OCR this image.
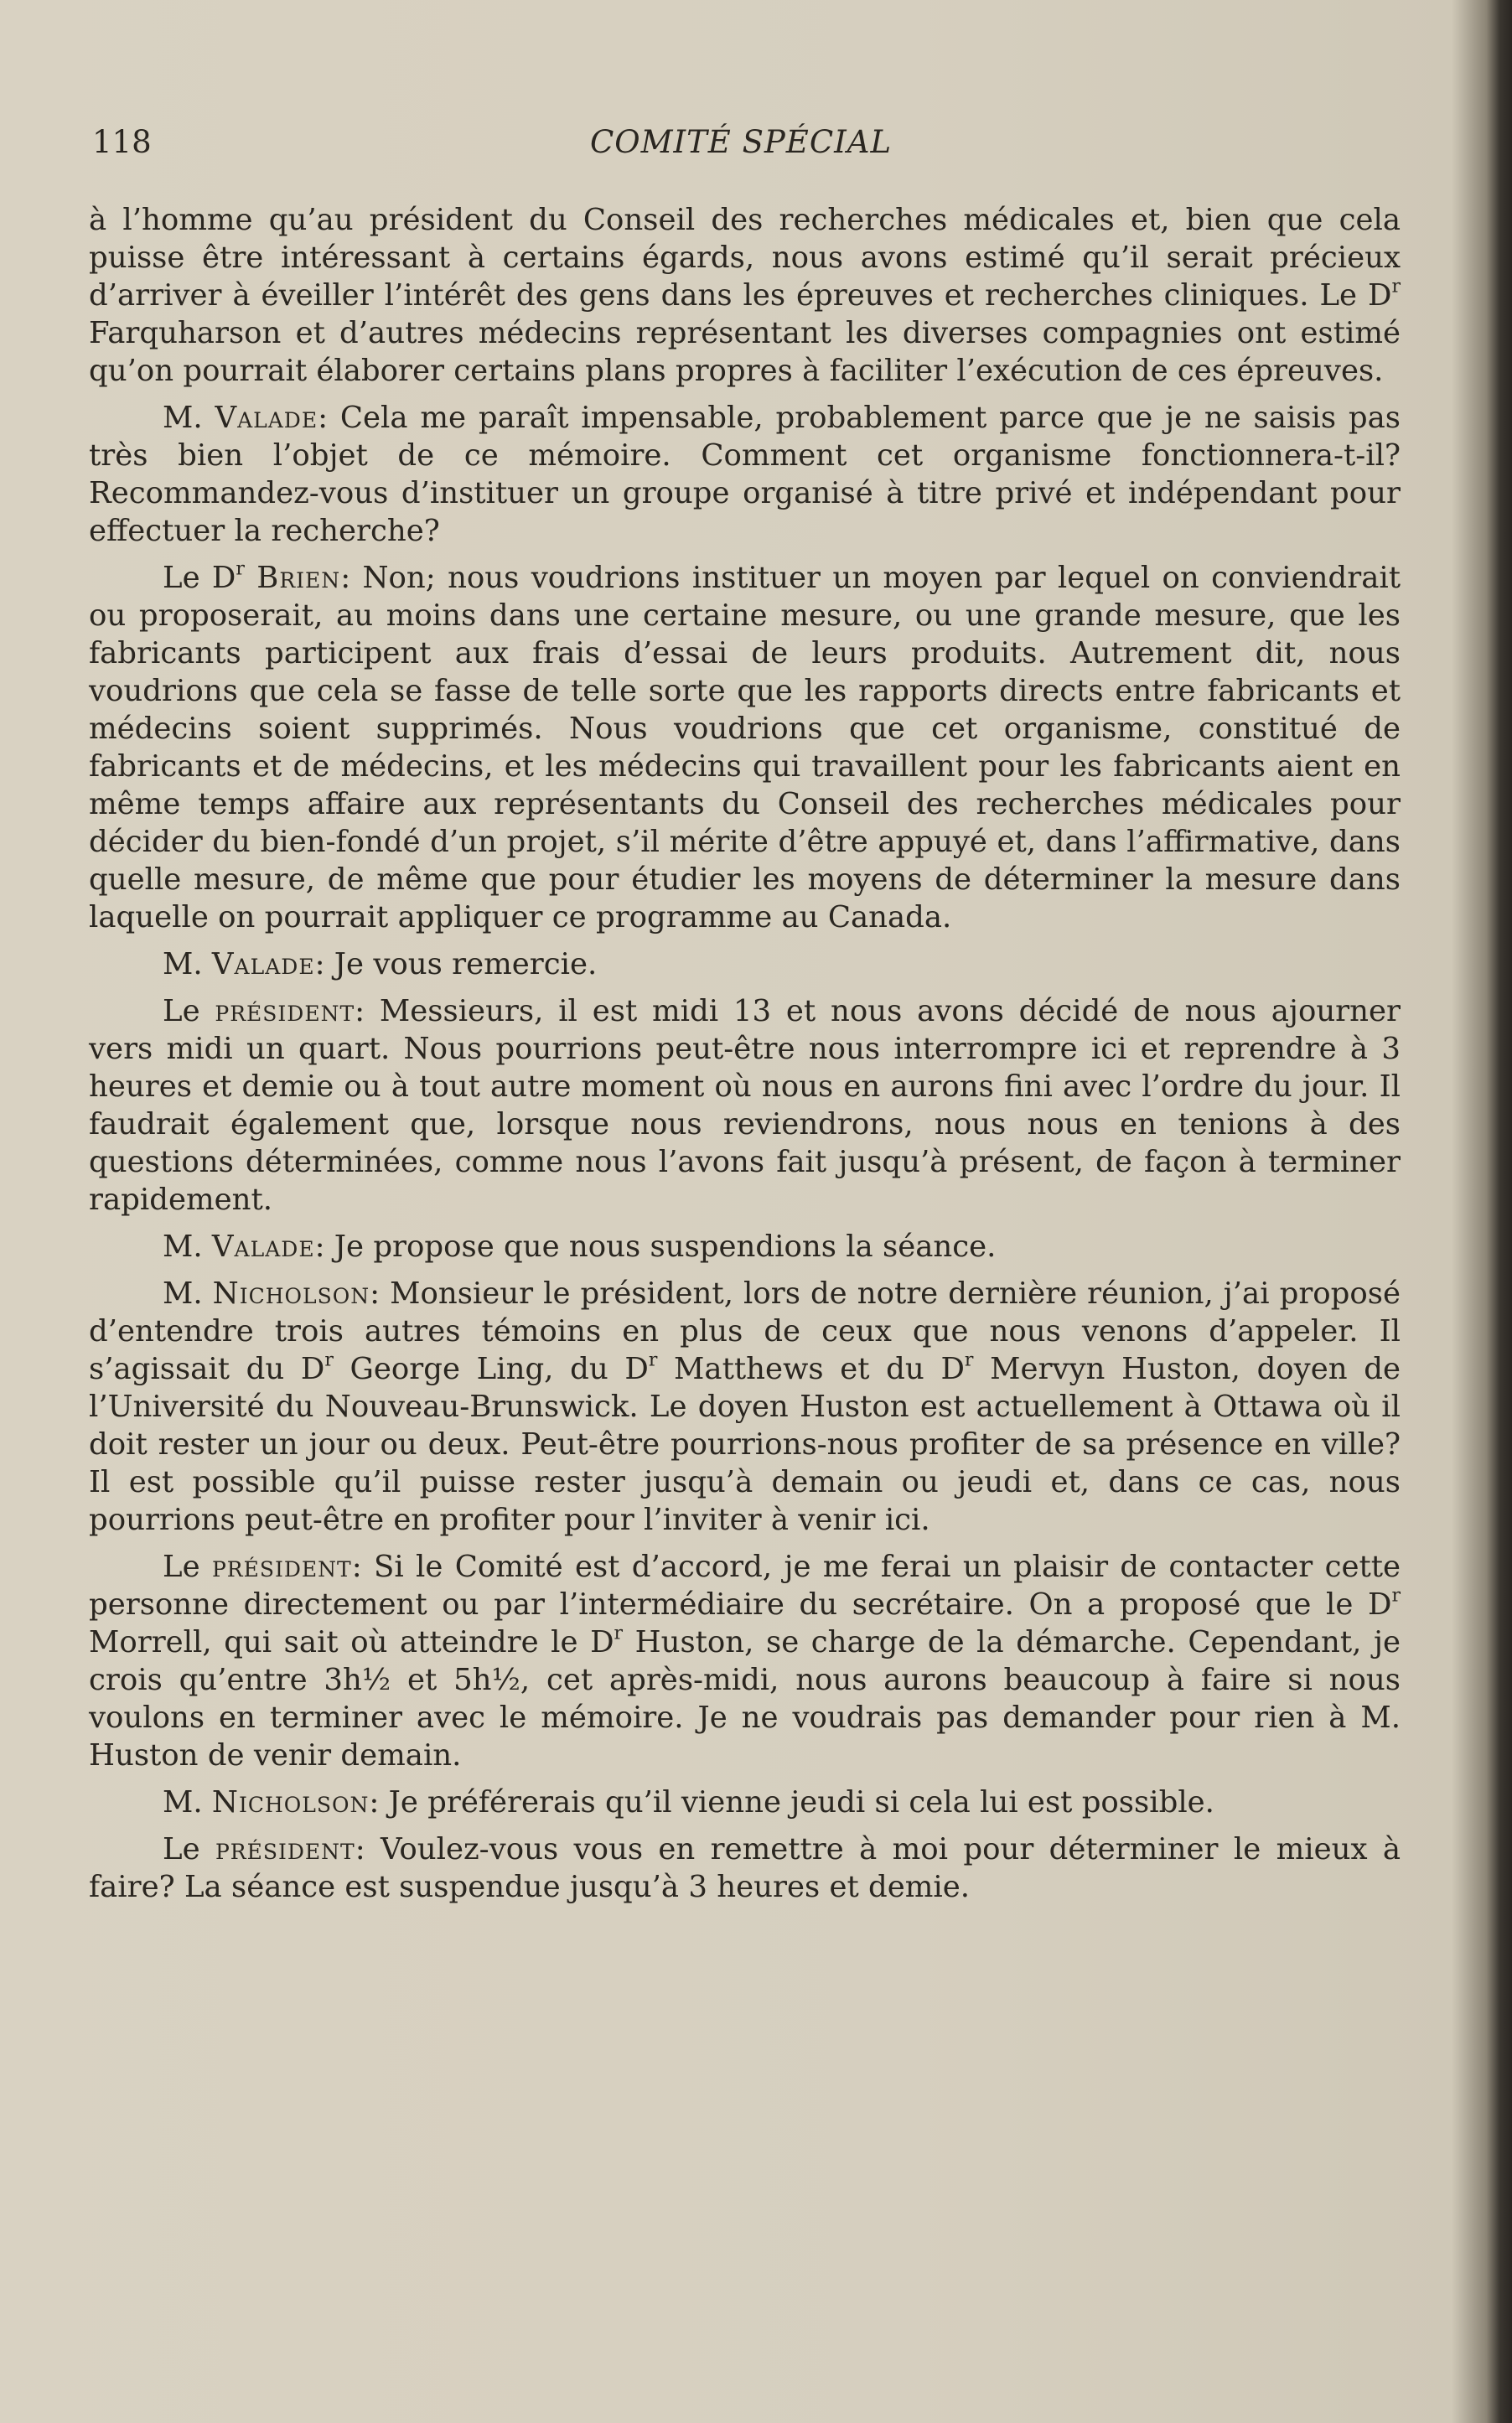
118	COMITÉ SPÉCIAL

à l’homme qu’au président du Conseil des recherches médicales et, bien que cela puisse être intéressant à certains égards, nous avons estimé qu’il serait précieux d’arriver à éveiller l’intérêt des gens dans les épreuves et recherches cliniques. Le $D^r$ Farquharson et d’autres médecins représentant les diverses compagnies ont estimé qu’on pourrait élaborer certains plans propres à faciliter l’exécution de ces épreuves.

M. Valade: Cela me paraît impensable, probablement parce que je ne saisis pas très bien l’objet de ce mémoire. Comment cet organisme fonctionnera-t-il? Recommandez-vous d’instituer un groupe organisé à titre privé et indépendant pour effectuer la recherche?

Le $D^r$ Brien: Non; nous voudrions instituer un moyen par lequel on conviendrait ou proposerait, au moins dans une certaine mesure, ou une grande mesure, que les fabricants participent aux frais d’essai de leurs produits. Autrement dit, nous voudrions que cela se fasse de telle sorte que les rapports directs entre fabricants et médecins soient supprimés. Nous voudrions que cet organisme, constitué de fabricants et de médecins, et les médecins qui travaillent pour les fabricants aient en même temps affaire aux représentants du Conseil des recherches médicales pour décider du bien-fondé d’un projet, s’il mérite d’être appuyé et, dans l’affirmative, dans quelle mesure, de même que pour étudier les moyens de déterminer la mesure dans laquelle on pourrait appliquer ce programme au Canada.

M. Valade: Je vous remercie.

Le président: Messieurs, il est midi 13 et nous avons décidé de nous ajourner vers midi un quart. Nous pourrions peut-être nous interrompre ici et reprendre à 3 heures et demie ou à tout autre moment où nous en aurons fini avec l’ordre du jour. Il faudrait également que, lorsque nous reviendrons, nous nous en tenions à des questions déterminées, comme nous l’avons fait jusqu’à présent, de façon à terminer rapidement.

M. Valade: Je propose que nous suspendions la séance.

M. Nicholson: Monsieur le président, lors de notre dernière réunion, j’ai proposé d’entendre trois autres témoins en plus de ceux que nous venons d’appeler. Il s’agissait du $D^r$ George Ling, du $D^r$ Matthews et du $D^r$ Mervyn Huston, doyen de l’Université du Nouveau-Brunswick. Le doyen Huston est actuellement à Ottawa où il doit rester un jour ou deux. Peut-être pourrions-nous profiter de sa présence en ville? Il est possible qu’il puisse rester jusqu’à demain ou jeudi et, dans ce cas, nous pourrions peut-être en profiter pour l’inviter à venir ici.

Le président: Si le Comité est d’accord, je me ferai un plaisir de contacter cette personne directement ou par l’intermédiaire du secrétaire. On a proposé que le $D^r$ Morrell, qui sait où atteindre le $D^r$ Huston, se charge de la démarche. Cependant, je crois qu’entre 3h½ et 5h½, cet après-midi, nous aurons beaucoup à faire si nous voulons en terminer avec le mémoire. Je ne voudrais pas demander pour rien à M. Huston de venir demain.

M. Nicholson: Je préférerais qu’il vienne jeudi si cela lui est possible.

Le président: Voulez-vous vous en remettre à moi pour déterminer le mieux à faire? La séance est suspendue jusqu’à 3 heures et demie.
